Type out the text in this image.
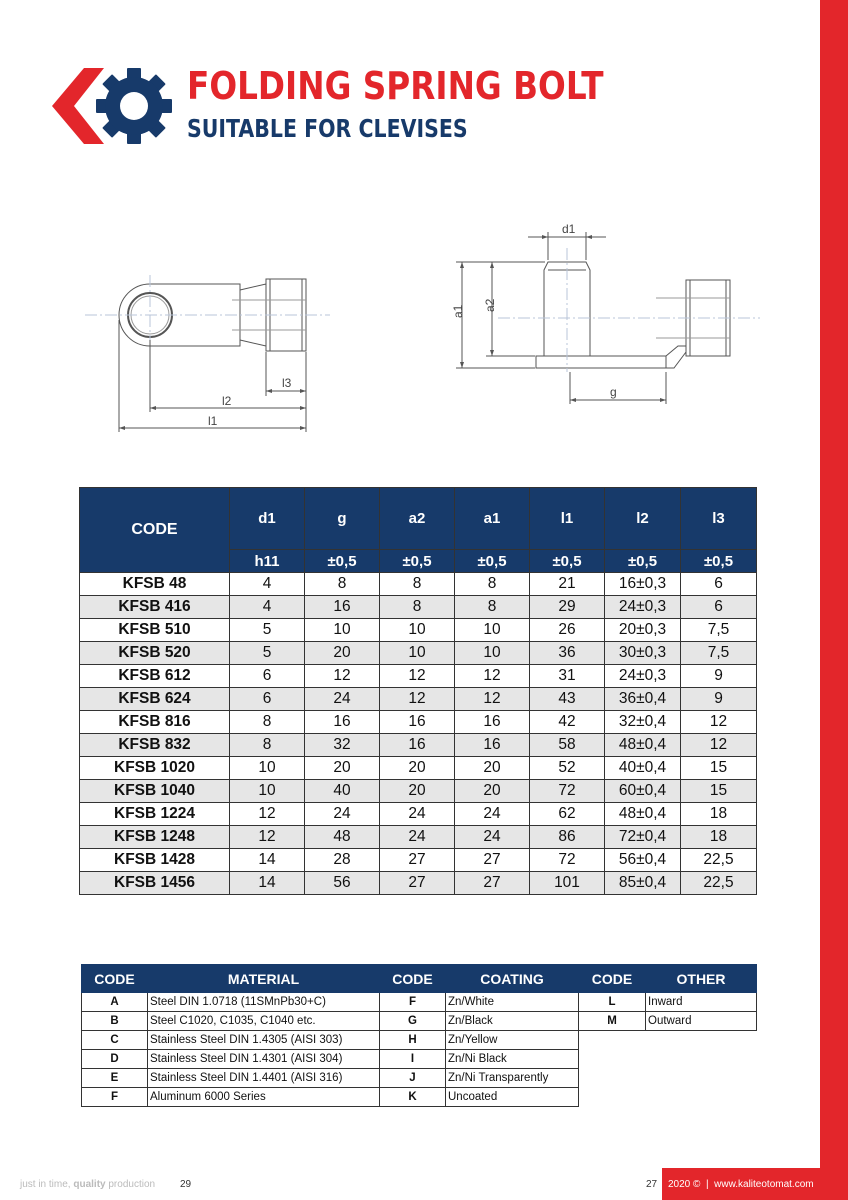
FOLDING SPRING BOLT
SUITABLE FOR CLEVISES
l3
l2
l1
d1
a1 a2
g
CODE	d1	g	a2	a1	l1	l2	l3
	h11	±0,5	±0,5	±0,5	±0,5	±0,5	±0,5
KFSB 48	4	8	8	8	21	16±0,3	6
KFSB 416	4	16	8	8	29	24±0,3	6
KFSB 510	5	10	10	10	26	20±0,3	7,5
KFSB 520	5	20	10	10	36	30±0,3	7,5
KFSB 612	6	12	12	12	31	24±0,3	9
KFSB 624	6	24	12	12	43	36±0,4	9
KFSB 816	8	16	16	16	42	32±0,4	12
KFSB 832	8	32	16	16	58	48±0,4	12
KFSB 1020	10	20	20	20	52	40±0,4	15
KFSB 1040	10	40	20	20	72	60±0,4	15
KFSB 1224	12	24	24	24	62	48±0,4	18
KFSB 1248	12	48	24	24	86	72±0,4	18
KFSB 1428	14	28	27	27	72	56±0,4	22,5
KFSB 1456	14	56	27	27	101	85±0,4	22,5
CODE	MATERIAL
A	Steel DIN 1.0718 (11SMnPb30+C)
B	Steel C1020, C1035, C1040 etc.
C	Stainless Steel DIN 1.4305 (AISI 303)
D	Stainless Steel DIN 1.4301 (AISI 304)
E	Stainless Steel DIN 1.4401 (AISI 316)
F	Aluminum 6000 Series
CODE	COATING
F	Zn/White
G	Zn/Black
H	Zn/Yellow
I	Zn/Ni Black
J	Zn/Ni Transparently
K	Uncoated
CODE	OTHER
L	Inward
M	Outward
just in time, quality production 29	27 2020 ©  |  www.kaliteotomat.com
